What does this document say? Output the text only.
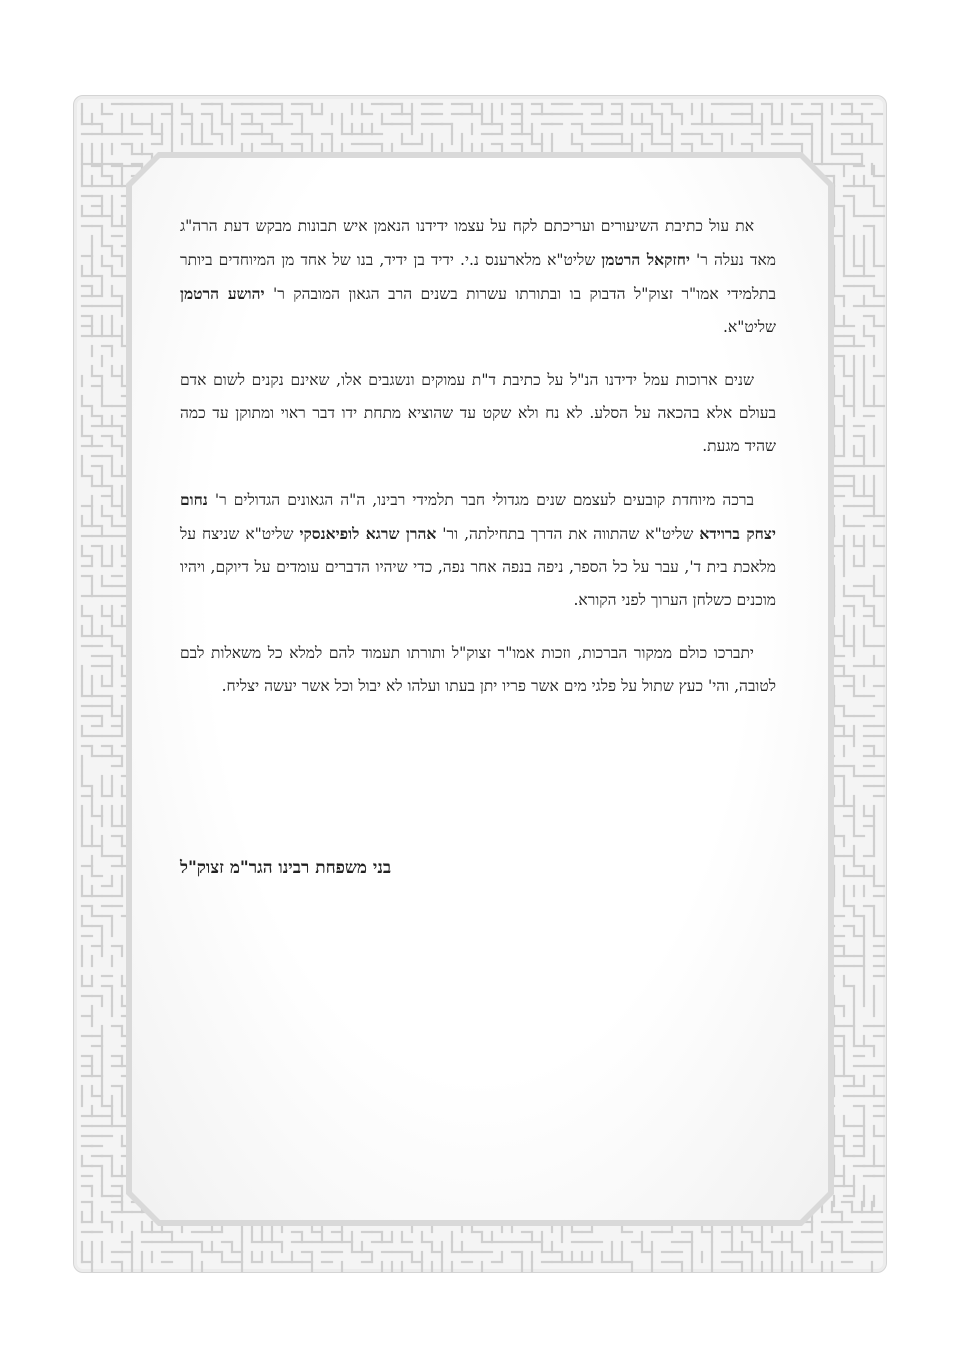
את עול כתיבת השיעורים ועריכתם לקח על עצמו ידידנו הנאמן איש תבונות מבקש דעת הרה"ג מאד נעלה ר' יחזקאל הרטמן שליט"א מלארענס נ.י. ידיד בן ידיד, בנו של אחד מן המיוחדים ביותר בתלמידי אמו"ר זצוק"ל הדבוק בו ובתורתו עשרות בשנים הרב הגאון המובהק ר' יהושע הרטמן שליט"א.

שנים ארוכות עמל ידידנו הנ"ל על כתיבת ד"ת עמוקים ונשגבים אלו, שאינם נקנים לשום אדם בעולם אלא בהכאה על הסלע. לא נח ולא שקט עד שהוציא מתחת ידו דבר ראוי ומתוקן עד כמה שהיד מגעת.

ברכה מיוחדת קובעים לעצמם שנים מגדולי חבר תלמידי רבינו, ה"ה הגאונים הגדולים ר' נחום יצחק ברוידא שליט"א שהתווה את הדרך בתחילתה, ור' אהרן שרגא לופיאנסקי שליט"א שניצח על מלאכת בית ד', עבר על כל הספר, ניפה בנפה אחר נפה, כדי שיהיו הדברים עומדים על דיוקם, ויהיו מוכנים כשלחן הערוך לפני הקורא.

יתברכו כולם ממקור הברכות, וזכות אמו"ר זצוק"ל ותורתו תעמוד להם למלא כל משאלות לבם לטובה, והי' כעץ שתול על פלגי מים אשר פריו יתן בעתו ועלהו לא יבול וכל אשר יעשה יצליח.

בני משפחת רבינו הגר"מ זצוק"ל
